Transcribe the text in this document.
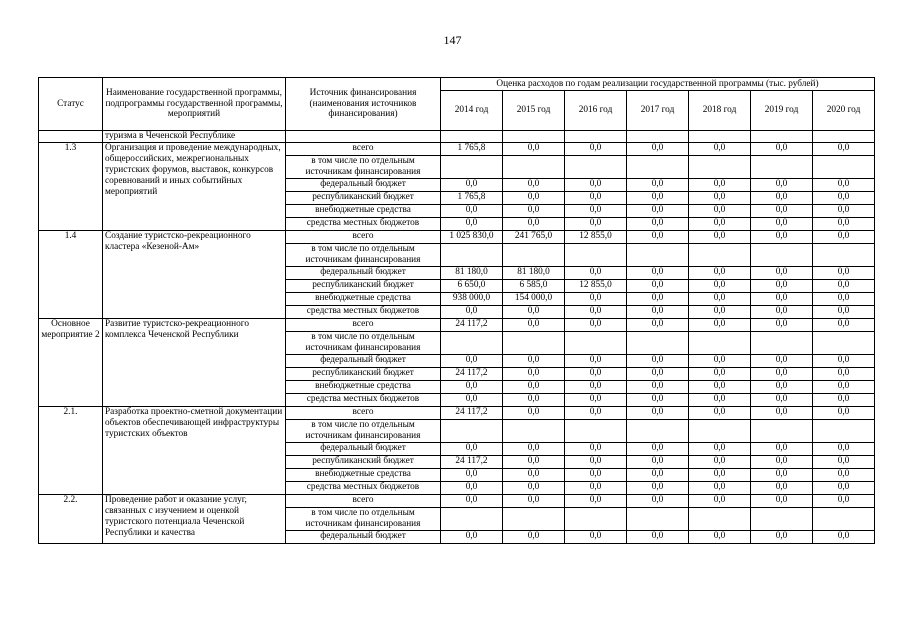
147
Статус	Наименование государственной программы, подпрограммы государственной программы, мероприятий	Источник финансирования (наименования источников финансирования)	Оценка расходов по годам реализации государственной программы (тыс. рублей)						
			2014 год	2015 год	2016 год	2017 год	2018 год	2019 год	2020 год
	туризма в Чеченской Республике								
1.3	Организация и проведение международных, общероссийских, межрегиональных туристских форумов, выставок, конкурсов соревнований и иных событийных мероприятий	всего	1 765,8	0,0	0,0	0,0	0,0	0,0	0,0
		в том числе по отдельным источникам финансирования							
		федеральный бюджет	0,0	0,0	0,0	0,0	0,0	0,0	0,0
		республиканский бюджет	1 765,8	0,0	0,0	0,0	0,0	0,0	0,0
		внебюджетные средства	0,0	0,0	0,0	0,0	0,0	0,0	0,0
		средства местных бюджетов	0,0	0,0	0,0	0,0	0,0	0,0	0,0
1.4	Создание туристско-рекреационного кластера «Кезеной-Ам»	всего	1 025 830,0	241 765,0	12 855,0	0,0	0,0	0,0	0,0
		в том числе по отдельным источникам финансирования							
		федеральный бюджет	81 180,0	81 180,0	0,0	0,0	0,0	0,0	0,0
		республиканский бюджет	6 650,0	6 585,0	12 855,0	0,0	0,0	0,0	0,0
		внебюджетные средства	938 000,0	154 000,0	0,0	0,0	0,0	0,0	0,0
		средства местных бюджетов	0,0	0,0	0,0	0,0	0,0	0,0	0,0
Основное мероприятие 2	Развитие туристско-рекреационного комплекса Чеченской Республики	всего	24 117,2	0,0	0,0	0,0	0,0	0,0	0,0
		в том числе по отдельным источникам финансирования							
		федеральный бюджет	0,0	0,0	0,0	0,0	0,0	0,0	0,0
		республиканский бюджет	24 117,2	0,0	0,0	0,0	0,0	0,0	0,0
		внебюджетные средства	0,0	0,0	0,0	0,0	0,0	0,0	0,0
		средства местных бюджетов	0,0	0,0	0,0	0,0	0,0	0,0	0,0
2.1.	Разработка проектно-сметной документации объектов обеспечивающей инфраструктуры туристских объектов	всего	24 117,2	0,0	0,0	0,0	0,0	0,0	0,0
		в том числе по отдельным источникам финансирования							
		федеральный бюджет	0,0	0,0	0,0	0,0	0,0	0,0	0,0
		республиканский бюджет	24 117,2	0,0	0,0	0,0	0,0	0,0	0,0
		внебюджетные средства	0,0	0,0	0,0	0,0	0,0	0,0	0,0
		средства местных бюджетов	0,0	0,0	0,0	0,0	0,0	0,0	0,0
2.2.	Проведение работ и оказание услуг, связанных с изучением и оценкой туристского потенциала Чеченской Республики и качества	всего	0,0	0,0	0,0	0,0	0,0	0,0	0,0
		в том числе по отдельным источникам финансирования							
		федеральный бюджет	0,0	0,0	0,0	0,0	0,0	0,0	0,0
